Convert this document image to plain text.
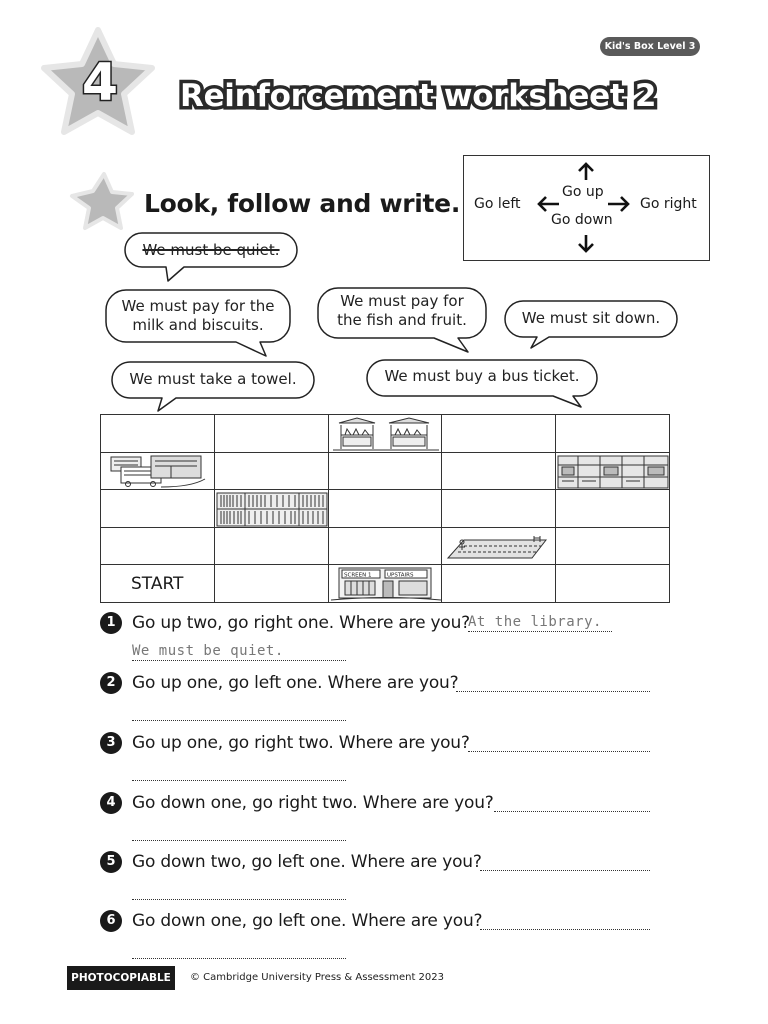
Kid's Box Level 3
4	Reinforcement worksheet 2
Look, follow and write.	Go up
Go down
Go left	Go right
We must be quiet.
We must pay for the milk and biscuits.
We must pay for the fish and fruit.	We must sit down.
We must take a towel.	We must buy a bus ticket.

START		SCREEN 1 UPSTAIRS		

1 Go up two, go right one. Where are you?
At the library.
We must be quiet.
2 Go up one, go left one. Where are you?
3 Go up one, go right two. Where are you?
4 Go down one, go right two. Where are you?
5 Go down two, go left one. Where are you?
6 Go down one, go left one. Where are you?
PHOTOCOPIABLE	© Cambridge University Press & Assessment 2023
